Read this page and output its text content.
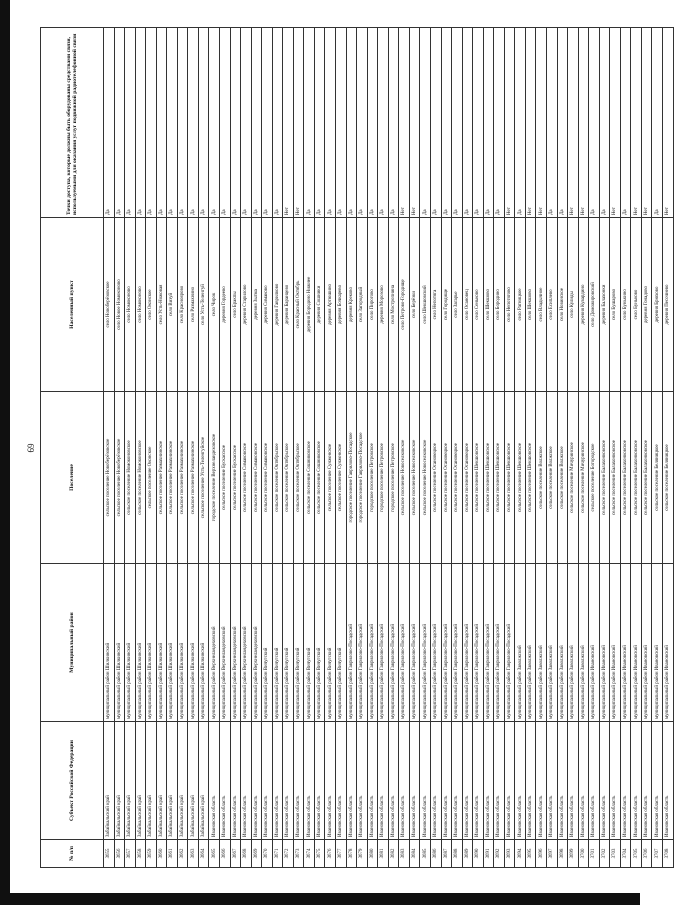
69
№ п/п	Субъект Российской Федерации	Муниципальный район	Поселение	Населенный пункт	Точки доступа, которые должны быть оборудованы средствами связи, используемыми для оказания услуг подвижной радиотелефонной связи
3655	Забайкальский край	муниципальный район Шилкинский	сельское поселение Новоберёзовское	село Новоберёзовское	Да
3656	Забайкальский край	муниципальный район Шилкинский	сельское поселение Новоберёзовское	село Новое Номоконово	Да
3657	Забайкальский край	муниципальный район Шилкинский	сельское поселение Номоконовское	село Номоконово	Да
3658	Забайкальский край	муниципальный район Шилкинский	сельское поселение Номоконовское	село Номоконово	Да
3659	Забайкальский край	муниципальный район Шилкинский	сельское поселение Оконское	село Оконское	Да
3660	Забайкальский край	муниципальный район Шилкинский	сельское поселение Размахнинское	село Усть-Ножовая	Да
3661	Забайкальский край	муниципальный район Шилкинский	сельское поселение Размахнинское	село Визуй	Да
3662	Забайкальский край	муниципальный район Шилкинский	сельское поселение Размахнинское	село Красноярово	Да
3663	Забайкальский край	муниципальный район Шилкинский	сельское поселение Размахнинское	село Размахнино	Да
3664	Забайкальский край	муниципальный район Шилкинский	сельское поселение Усть-Теленгуйское	село Усть-Теленгуй	Да
3665	Ивановская область	муниципальный район Верхнеландеховский	городское поселение Верхнеландеховское	село Чирок	Да
3666	Ивановская область	муниципальный район Верхнеландеховский	сельское поселение Бускасское	деревня Гордеево	Да
3667	Ивановская область	муниципальный район Верхнеландеховский	сельское поселение Бускасское	село Бракпы	Да
3668	Ивановская область	муниципальный район Верхнеландеховский	сельское поселение Симаковское	деревня Старилово	Да
3669	Ивановская область	муниципальный район Верхнеландеховский	сельское поселение Симаковское	деревня Зыгма	Да
3670	Ивановская область	муниципальный район Вичугский	сельское поселение Симаковское	деревня Симаково	Да
3671	Ивановская область	муниципальный район Вичугский	сельское поселение Октябрьское	деревня Гаврилково	Да
3672	Ивановская область	муниципальный район Вичугский	сельское поселение Октябрьское	деревня Баранцево	Нет
3673	Ивановская область	муниципальный район Вичугский	сельское поселение Октябрьское	село Красный Октябрь	Нет
3674	Ивановская область	муниципальный район Вичугский	сельское поселение Сошниковское	деревня Бородино Нижнее	Да
3675	Ивановская область	муниципальный район Вичугский	сельское поселение Сошниковское	деревня Сошники	Да
3676	Ивановская область	муниципальный район Вичугский	сельское поселение Сунженское	деревня Артюшино	Да
3677	Ивановская область	муниципальный район Вичугский	сельское поселение Сунженское	деревня Бочкарево	Да
3678	Ивановская область	муниципальный район Гаврилово-Посадский	городское поселение Гаврилово-Посадское	деревня Креково	Да
3679	Ивановская область	муниципальный район Гаврилово-Посадский	городское поселение Гаврилово-Посадское	село Загородный	Да
3680	Ивановская область	муниципальный район Гаврилово-Посадский	городское поселение Петровское	село Пирогово	Да
3681	Ивановская область	муниципальный район Гаврилово-Посадский	городское поселение Петровское	деревня Морозово	Да
3682	Ивановская область	муниципальный район Гаврилово-Посадский	городское поселение Петровское	село Мостропнина	Да
3683	Ивановская область	муниципальный район Гаврилово-Посадский	сельское поселение Новоселковское	село Петрово-Городище	Нет
3684	Ивановская область	муниципальный район Гаврилово-Посадский	сельское поселение Новоселковское	село Берёзки	Нет
3685	Ивановская область	муниципальный район Гаврилово-Посадский	сельское поселение Новоселковское	село Шекшовский	Да
3686	Ивановская область	муниципальный район Гаврилово-Посадский	сельское поселение Осановецкое	село Непотяга	Да
3687	Ивановская область	муниципальный район Гаврилово-Посадский	сельское поселение Осановецкое	село Городище	Да
3688	Ивановская область	муниципальный район Гаврилово-Посадский	сельское поселение Осановецкое	село Загарье	Да
3689	Ивановская область	муниципальный район Гаврилово-Посадский	сельское поселение Осановецкое	село Осановец	Да
3690	Ивановская область	муниципальный район Гаврилово-Посадский	сельское поселение Шекшовское	село Сеньково	Да
3691	Ивановская область	муниципальный район Гаврилово-Посадский	сельское поселение Шекшовское	село Шекшово	Да
3692	Ивановская область	муниципальный район Гаврилово-Посадский	сельское поселение Шекшовское	село Бородино	Да
3693	Ивановская область	муниципальный район Гаврилово-Посадский	сельское поселение Шекшовское	село Непотягово	Нет
3694	Ивановская область	муниципальный район Заволжский	сельское поселение Шекшовское	село Ратницкое	Да
3695	Ивановская область	муниципальный район Заволжский	сельское поселение Шекшовское	село Шекшово	Нет
3696	Ивановская область	муниципальный район Заволжский	сельское поселение Волжское	село Владычное	Нет
3697	Ивановская область	муниципальный район Заволжский	сельское поселение Волжское	село Есиплево	Да
3698	Ивановская область	муниципальный район Заволжский	сельское поселение Волжское	село Новинское	Да
3699	Ивановская область	муниципальный район Заволжский	сельское поселение Мичуринское	село Кулиды	Нет
3700	Ивановская область	муниципальный район Заволжский	сельское поселение Мичуринское	деревня Кувардино	Нет
3701	Ивановская область	муниципальный район Ивановский	сельское поселение Богородское	село Доможировский	Да
3702	Ивановская область	муниципальный район Ивановский	сельское поселение Балахонковское	деревня Балахонки	Да
3703	Ивановская область	муниципальный район Ивановский	сельское поселение Балахонковское	село Бушарово	Нет
3704	Ивановская область	муниципальный район Ивановский	сельское поселение Балахонковское	село Бунькино	Да
3705	Ивановская область	муниципальный район Ивановский	сельское поселение Балахонковское	село Буньково	Нет
3706	Ивановская область	муниципальный район Ивановский	сельское поселение Балахонковское	деревня Гонадово	Нет
3707	Ивановская область	муниципальный район Ивановский	сельское поселение Беляницкое	деревня Брюхово	Да
3708	Ивановская область	муниципальный район Ивановский	сельское поселение Беляницкое	деревня Песочнево	Нет
